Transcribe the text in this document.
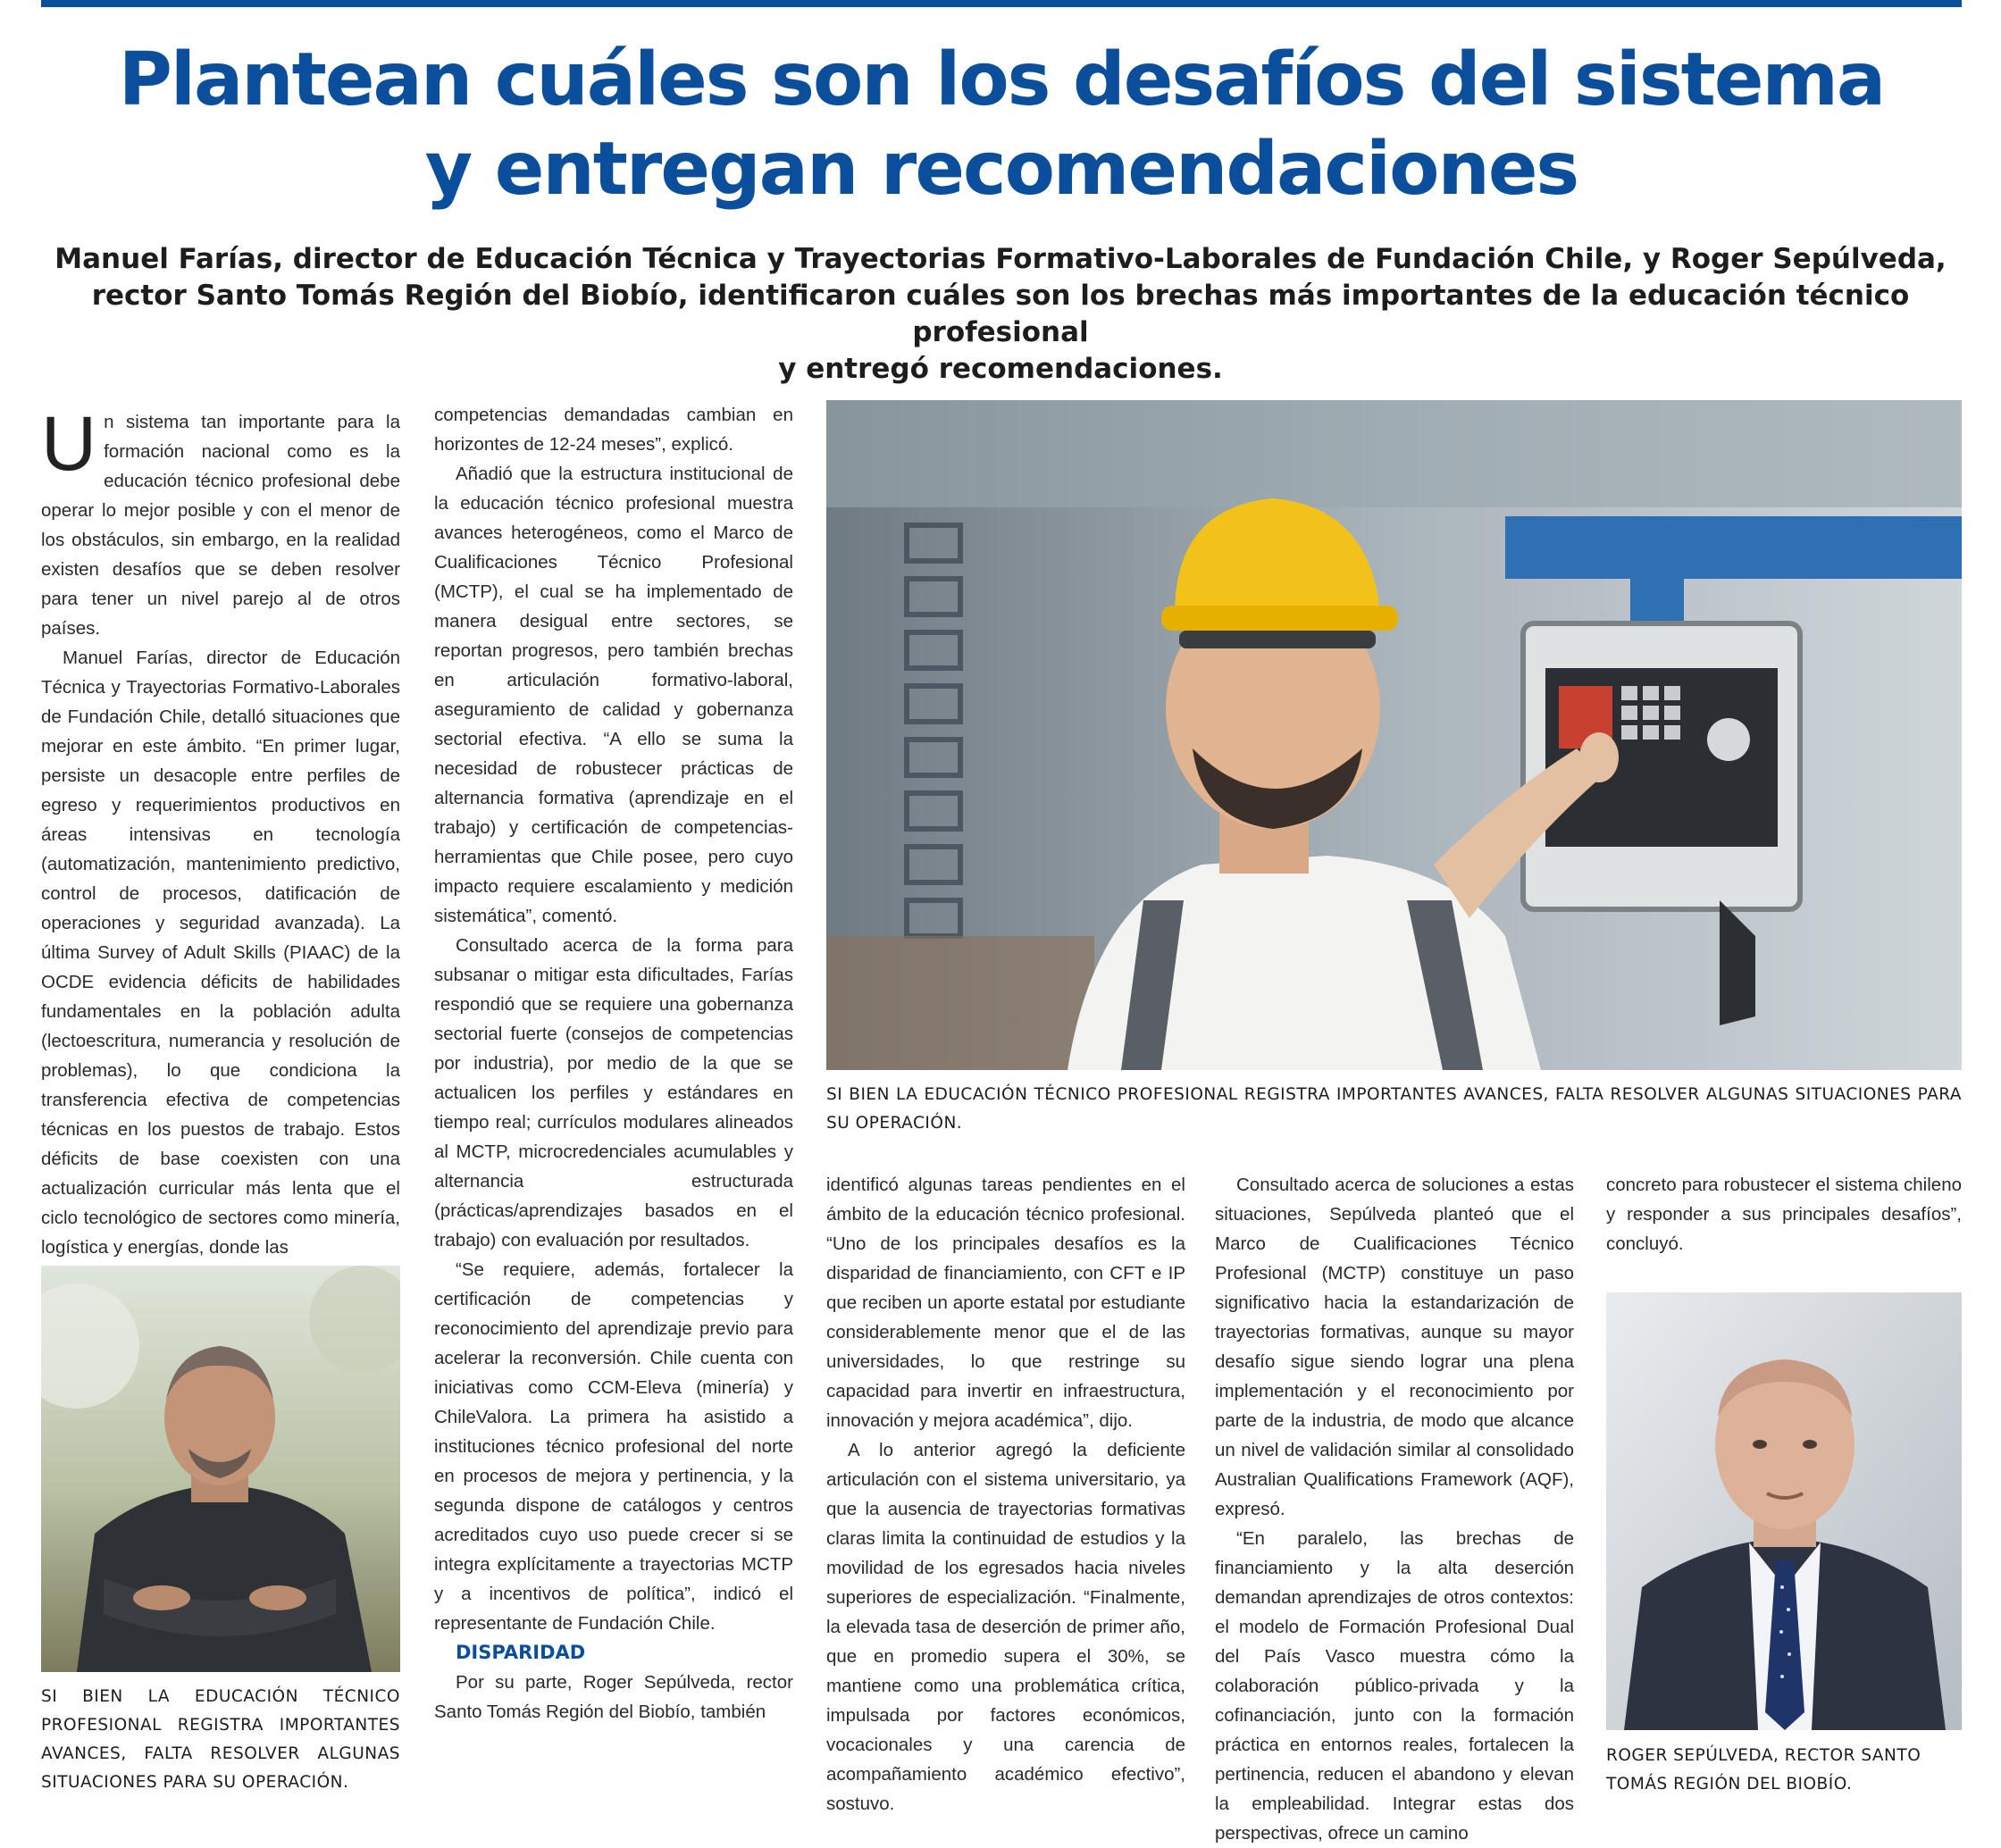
Plantean cuáles son los desafíos del sistema
y entregan recomendaciones
Manuel Farías, director de Educación Técnica y Trayectorias Formativo-Laborales de Fundación Chile, y Roger Sepúlveda,
rector Santo Tomás Región del Biobío, identificaron cuáles son los brechas más importantes de la educación técnico profesional
y entregó recomendaciones.

Un sistema tan importante para la formación nacional como es la educación técnico profesional debe operar lo mejor posible y con el menor de los obstáculos, sin embargo, en la realidad existen desafíos que se deben resolver para tener un nivel parejo al de otros países.

Manuel Farías, director de Educación Técnica y Trayectorias Formativo-Laborales de Fundación Chile, detalló situaciones que mejorar en este ámbito. “En primer lugar, persiste un desacople entre perfiles de egreso y requerimientos productivos en áreas intensivas en tecnología (automatización, mantenimiento predictivo, control de procesos, datificación de operaciones y seguridad avanzada). La última Survey of Adult Skills (PIAAC) de la OCDE evidencia déficits de habilidades fundamentales en la población adulta (lectoescritura, numerancia y resolución de problemas), lo que condiciona la transferencia efectiva de competencias técnicas en los puestos de trabajo. Estos déficits de base coexisten con una actualización curricular más lenta que el ciclo tecnológico de sectores como minería, logística y energías, donde las

SI BIEN LA EDUCACIÓN TÉCNICO PROFESIONAL REGISTRA IMPORTANTES AVANCES, FALTA RESOLVER ALGUNAS SITUACIONES PARA SU OPERACIÓN.

competencias demandadas cambian en horizontes de 12-24 meses”, explicó.

Añadió que la estructura institucional de la educación técnico profesional muestra avances heterogéneos, como el Marco de Cualificaciones Técnico Profesional (MCTP), el cual se ha implementado de manera desigual entre sectores, se reportan progresos, pero también brechas en articulación formativo-laboral, aseguramiento de calidad y gobernanza sectorial efectiva. “A ello se suma la necesidad de robustecer prácticas de alternancia formativa (aprendizaje en el trabajo) y certificación de competencias-herramientas que Chile posee, pero cuyo impacto requiere escalamiento y medición sistemática”, comentó.

Consultado acerca de la forma para subsanar o mitigar esta dificultades, Farías respondió que se requiere una gobernanza sectorial fuerte (consejos de competencias por industria), por medio de la que se actualicen los perfiles y estándares en tiempo real; currículos modulares alineados al MCTP, microcredenciales acumulables y alternancia estructurada (prácticas/aprendizajes basados en el trabajo) con evaluación por resultados.

“Se requiere, además, fortalecer la certificación de competencias y reconocimiento del aprendizaje previo para acelerar la reconversión. Chile cuenta con iniciativas como CCM-Eleva (minería) y ChileValora. La primera ha asistido a instituciones técnico profesional del norte en procesos de mejora y pertinencia, y la segunda dispone de catálogos y centros acreditados cuyo uso puede crecer si se integra explícitamente a trayectorias MCTP y a incentivos de política”, indicó el representante de Fundación Chile.

DISPARIDAD

Por su parte, Roger Sepúlveda, rector Santo Tomás Región del Biobío, también

SI BIEN LA EDUCACIÓN TÉCNICO PROFESIONAL REGISTRA IMPORTANTES AVANCES, FALTA RESOLVER ALGUNAS SITUACIONES PARA SU OPERACIÓN.

identificó algunas tareas pendientes en el ámbito de la educación técnico profesional. “Uno de los principales desafíos es la disparidad de financiamiento, con CFT e IP que reciben un aporte estatal por estudiante considerablemente menor que el de las universidades, lo que restringe su capacidad para invertir en infraestructura, innovación y mejora académica”, dijo.

A lo anterior agregó la deficiente articulación con el sistema universitario, ya que la ausencia de trayectorias formativas claras limita la continuidad de estudios y la movilidad de los egresados hacia niveles superiores de especialización. “Finalmente, la elevada tasa de deserción de primer año, que en promedio supera el 30%, se mantiene como una problemática crítica, impulsada por factores económicos, vocacionales y una carencia de acompañamiento académico efectivo”, sostuvo.

Consultado acerca de soluciones a estas situaciones, Sepúlveda planteó que el Marco de Cualificaciones Técnico Profesional (MCTP) constituye un paso significativo hacia la estandarización de trayectorias formativas, aunque su mayor desafío sigue siendo lograr una plena implementación y el reconocimiento por parte de la industria, de modo que alcance un nivel de validación similar al consolidado Australian Qualifications Framework (AQF), expresó.

“En paralelo, las brechas de financiamiento y la alta deserción demandan aprendizajes de otros contextos: el modelo de Formación Profesional Dual del País Vasco muestra cómo la colaboración público-privada y la cofinanciación, junto con la formación práctica en entornos reales, fortalecen la pertinencia, reducen el abandono y elevan la empleabilidad. Integrar estas dos perspectivas, ofrece un camino

concreto para robustecer el sistema chileno y responder a sus principales desafíos”, concluyó.

ROGER SEPÚLVEDA, RECTOR SANTO TOMÁS REGIÓN DEL BIOBÍO.
